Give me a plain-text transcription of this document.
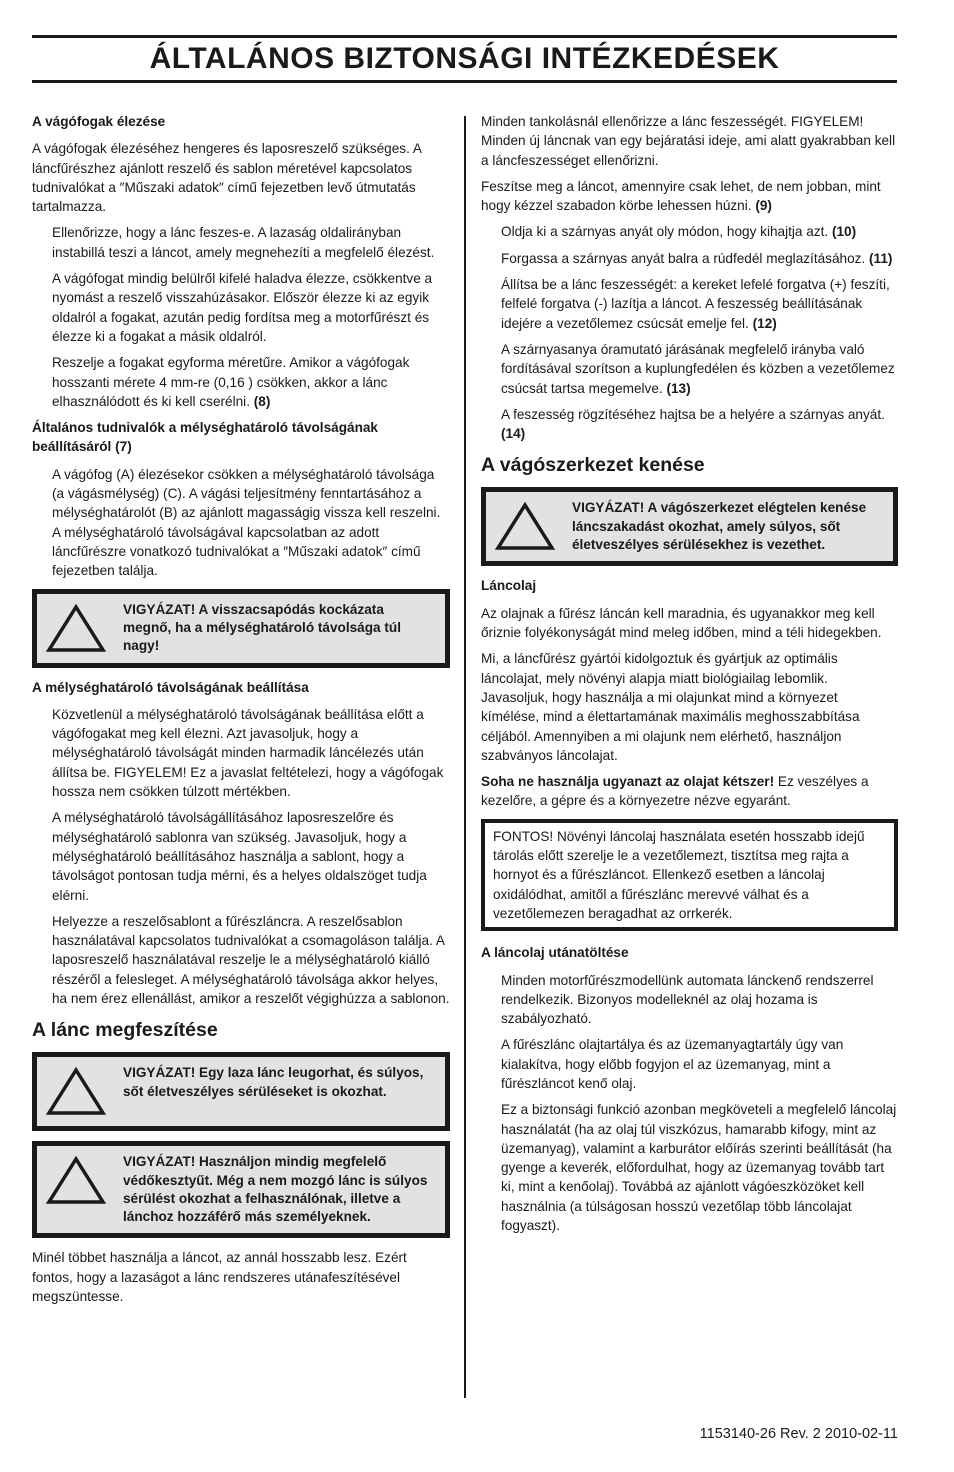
ÁLTALÁNOS BIZTONSÁGI INTÉZKEDÉSEK
A vágófogak élezése

A vágófogak élezéséhez hengeres és laposreszelő szükséges. A láncfűrészhez ajánlott reszelő és sablon méretével kapcsolatos tudnivalókat a ″Műszaki adatok″ című fejezetben levő útmutatás tartalmazza.

Ellenőrizze, hogy a lánc feszes-e. A lazaság oldalirányban instabillá teszi a láncot, amely megnehezíti a megfelelő élezést.

A vágófogat mindig belülről kifelé haladva élezze, csökkentve a nyomást a reszelő visszahúzásakor. Először élezze ki az egyik oldalról a fogakat, azután pedig fordítsa meg a motorfűrészt és élezze ki a fogakat a másik oldalról.

Reszelje a fogakat egyforma méretűre. Amikor a vágófogak hosszanti mérete 4 mm-re (0,16 ) csökken, akkor a lánc elhasználódott és ki kell cserélni. (8)

Általános tudnivalók a mélységhatároló távolságának beállításáról (7)

A vágófog (A) élezésekor csökken a mélységhatároló távolsága (a vágásmélység) (C). A vágási teljesítmény fenntartásához a mélységhatárolót (B) az ajánlott magasságig vissza kell reszelni. A mélységhatároló távolságával kapcsolatban az adott láncfűrészre vonatkozó tudnivalókat a ″Műszaki adatok″ című fejezetben találja.

VIGYÁZAT! A visszacsapódás kockázata megnő, ha a mélységhatároló távolsága túl nagy!
A mélységhatároló távolságának beállítása

Közvetlenül a mélységhatároló távolságának beállítása előtt a vágófogakat meg kell élezni. Azt javasoljuk, hogy a mélységhatároló távolságát minden harmadik láncélezés után állítsa be. FIGYELEM! Ez a javaslat feltételezi, hogy a vágófogak hossza nem csökken túlzott mértékben.

A mélységhatároló távolságállításához laposreszelőre és mélységhatároló sablonra van szükség. Javasoljuk, hogy a mélységhatároló beállításához használja a sablont, hogy a távolságot pontosan tudja mérni, és a helyes oldalszöget tudja elérni.

Helyezze a reszelősablont a fűrészláncra. A reszelősablon használatával kapcsolatos tudnivalókat a csomagoláson találja. A laposreszelő használatával reszelje le a mélységhatároló kiálló részéről a felesleget. A mélységhatároló távolsága akkor helyes, ha nem érez ellenállást, amikor a reszelőt végighúzza a sablonon.

A lánc megfeszítése
VIGYÁZAT! Egy laza lánc leugorhat, és súlyos, sőt életveszélyes sérüléseket is okozhat.
VIGYÁZAT! Használjon mindig megfelelő védőkesztyűt. Még a nem mozgó lánc is súlyos sérülést okozhat a felhasználónak, illetve a lánchoz hozzáférő más személyeknek.

Minél többet használja a láncot, az annál hosszabb lesz. Ezért fontos, hogy a lazaságot a lánc rendszeres utánafeszítésével megszüntesse.

Minden tankolásnál ellenőrizze a lánc feszességét. FIGYELEM! Minden új láncnak van egy bejáratási ideje, ami alatt gyakrabban kell a láncfeszességet ellenőrizni.

Feszítse meg a láncot, amennyire csak lehet, de nem jobban, mint hogy kézzel szabadon körbe lehessen húzni. (9)

Oldja ki a szárnyas anyát oly módon, hogy kihajtja azt. (10)

Forgassa a szárnyas anyát balra a rúdfedél meglazításához. (11)

Állítsa be a lánc feszességét: a kereket lefelé forgatva (+) feszíti, felfelé forgatva (-) lazítja a láncot. A feszesség beállításának idejére a vezetőlemez csúcsát emelje fel. (12)

A szárnyasanya óramutató járásának megfelelő irányba való fordításával szorítson a kuplungfedélen és közben a vezetőlemez csúcsát tartsa megemelve. (13)

A feszesség rögzítéséhez hajtsa be a helyére a szárnyas anyát. (14)

A vágószerkezet kenése
VIGYÁZAT! A vágószerkezet elégtelen kenése láncszakadást okozhat, amely súlyos, sőt életveszélyes sérülésekhez is vezethet.
Láncolaj

Az olajnak a fűrész láncán kell maradnia, és ugyanakkor meg kell őriznie folyékonyságát mind meleg időben, mind a téli hidegekben.

Mi, a láncfűrész gyártói kidolgoztuk és gyártjuk az optimális láncolajat, mely növényi alapja miatt biológiailag lebomlik. Javasoljuk, hogy használja a mi olajunkat mind a környezet kímélése, mind a élettartamának maximális meghosszabbítása céljából. Amennyiben a mi olajunk nem elérhető, használjon szabványos láncolajat.

Soha ne használja ugyanazt az olajat kétszer! Ez veszélyes a kezelőre, a gépre és a környezetre nézve egyaránt.

FONTOS! Növényi láncolaj használata esetén hosszabb idejű tárolás előtt szerelje le a vezetőlemezt, tisztítsa meg rajta a hornyot és a fűrészláncot. Ellenkező esetben a láncolaj oxidálódhat, amitől a fűrészlánc merevvé válhat és a vezetőlemezen beragadhat az orrkerék.
A láncolaj utánatöltése

Minden motorfűrészmodellünk automata lánckenő rendszerrel rendelkezik. Bizonyos modelleknél az olaj hozama is szabályozható.

A fűrészlánc olajtartálya és az üzemanyagtartály úgy van kialakítva, hogy előbb fogyjon el az üzemanyag, mint a fűrészláncot kenő olaj.

Ez a biztonsági funkció azonban megköveteli a megfelelő láncolaj használatát (ha az olaj túl viszkózus, hamarabb kifogy, mint az üzemanyag), valamint a karburátor előírás szerinti beállítását (ha gyenge a keverék, előfordulhat, hogy az üzemanyag tovább tart ki, mint a kenőolaj). Továbbá az ajánlott vágóeszközöket kell használnia (a túlságosan hosszú vezetőlap több láncolajat fogyaszt).

1153140-26 Rev. 2 2010-02-11
